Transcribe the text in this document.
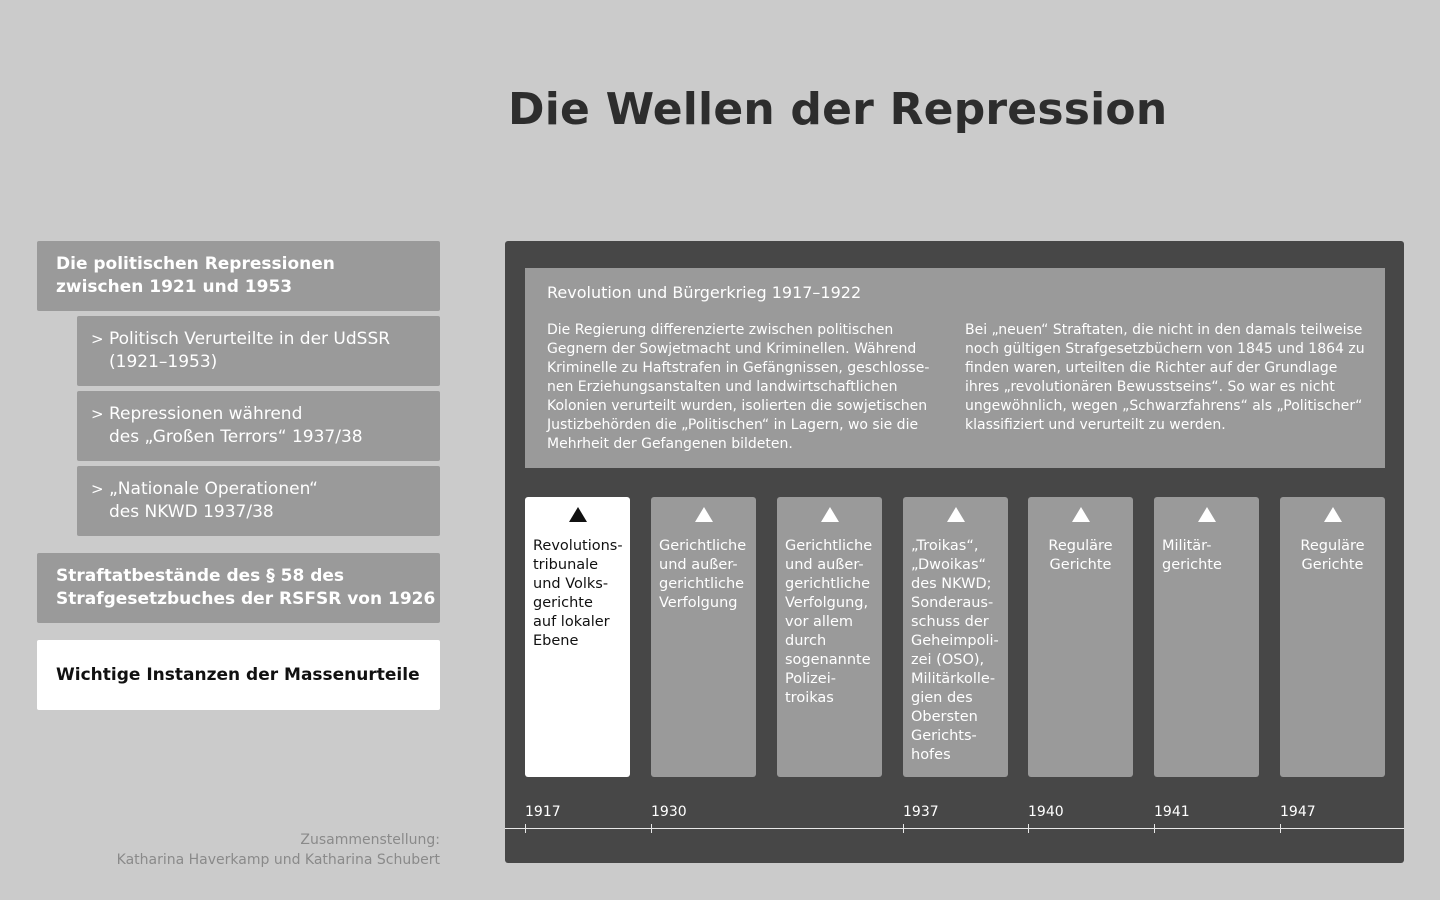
Die Wellen der Repression
Die politischen Repressionen
zwischen 1921 und 1953
> Politisch Verurteilte in der UdSSR
(1921–1953)
> Repressionen während
des „Großen Terrors“ 1937/38
> „Nationale Operationen“
des NKWD 1937/38
Straftatbestände des § 58 des
Strafgesetzbuches der RSFSR von 1926
Wichtige Instanzen der Massenurteile
Zusammenstellung:
Katharina Haverkamp und Katharina Schubert
Revolution und Bürgerkrieg 1917–1922
Die Regierung differenzierte zwischen politischen
Gegnern der Sowjetmacht und Kriminellen. Während
Kriminelle zu Haftstrafen in Gefängnissen, geschlosse-
nen Erziehungsanstalten und landwirtschaftlichen
Kolonien verurteilt wurden, isolierten die sowjetischen
Justizbehörden die „Politischen“ in Lagern, wo sie die
Mehrheit der Gefangenen bildeten.
Bei „neuen“ Straftaten, die nicht in den damals teilweise
noch gültigen Strafgesetzbüchern von 1845 und 1864 zu
finden waren, urteilten die Richter auf der Grundlage
ihres „revolutionären Bewusstseins“. So war es nicht
ungewöhnlich, wegen „Schwarzfahrens“ als „Politischer“
klassifiziert und verurteilt zu werden.
Revolutions-
tribunale
und Volks-
gerichte
auf lokaler
Ebene
Gerichtliche
und außer-
gerichtliche
Verfolgung
Gerichtliche
und außer-
gerichtliche
Verfolgung,
vor allem
durch
sogenannte
Polizei-
troikas
„Troikas“,
„Dwoikas“
des NKWD;
Sonderaus-
schuss der
Geheimpoli-
zei (OSO),
Militärkolle-
gien des
Obersten
Gerichts-
hofes
Reguläre
Gerichte
Militär-
gerichte
Reguläre
Gerichte
1917	1930	1937	1940	1941	1947
